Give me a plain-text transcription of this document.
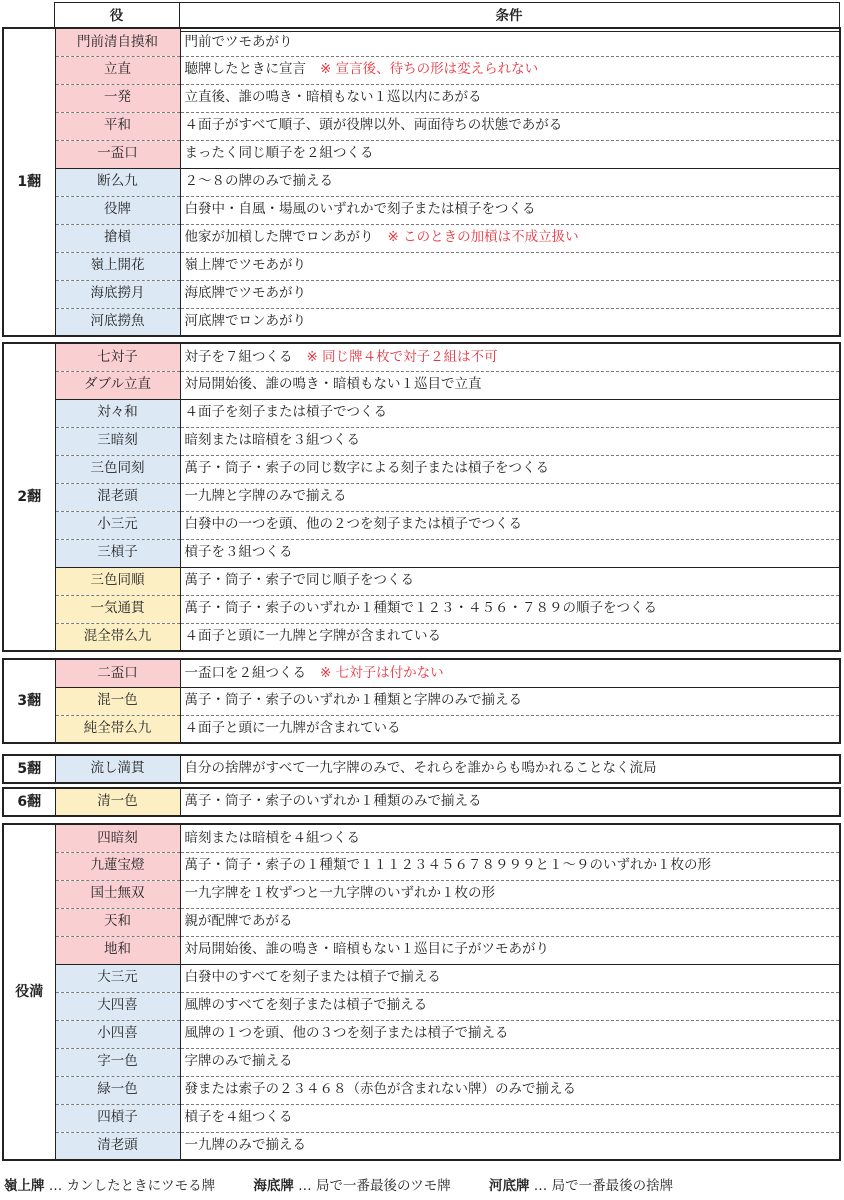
	役	条件
1翻	門前清自摸和	門前でツモあがり
	立直	聴牌したときに宣言 ※ 宣言後、待ちの形は変えられない
	一発	立直後、誰の鳴き・暗槓もない１巡以内にあがる
	平和	４面子がすべて順子、頭が役牌以外、両面待ちの状態であがる
	一盃口	まったく同じ順子を２組つくる
	断么九	２～８の牌のみで揃える
	役牌	白發中・自風・場風のいずれかで刻子または槓子をつくる
	搶槓	他家が加槓した牌でロンあがり ※ このときの加槓は不成立扱い
	嶺上開花	嶺上牌でツモあがり
	海底撈月	海底牌でツモあがり
	河底撈魚	河底牌でロンあがり
2翻	七対子	対子を７組つくる ※ 同じ牌４枚で対子２組は不可
	ダブル立直	対局開始後、誰の鳴き・暗槓もない１巡目で立直
	対々和	４面子を刻子または槓子でつくる
	三暗刻	暗刻または暗槓を３組つくる
	三色同刻	萬子・筒子・索子の同じ数字による刻子または槓子をつくる
	混老頭	一九牌と字牌のみで揃える
	小三元	白發中の一つを頭、他の２つを刻子または槓子でつくる
	三槓子	槓子を３組つくる
	三色同順	萬子・筒子・索子で同じ順子をつくる
	一気通貫	萬子・筒子・索子のいずれか１種類で１２３・４５６・７８９の順子をつくる
	混全帯么九	４面子と頭に一九牌と字牌が含まれている
3翻	二盃口	一盃口を２組つくる ※ 七対子は付かない
	混一色	萬子・筒子・索子のいずれか１種類と字牌のみで揃える
	純全帯么九	４面子と頭に一九牌が含まれている
5翻	流し満貫	自分の捨牌がすべて一九字牌のみで、それらを誰からも鳴かれることなく流局
6翻	清一色	萬子・筒子・索子のいずれか１種類のみで揃える
役満	四暗刻	暗刻または暗槓を４組つくる
	九蓮宝燈	萬子・筒子・索子の１種類で１１１２３４５６７８９９９と１～９のいずれか１枚の形
	国士無双	一九字牌を１枚ずつと一九字牌のいずれか１枚の形
	天和	親が配牌であがる
	地和	対局開始後、誰の鳴き・暗槓もない１巡目に子がツモあがり
	大三元	白發中のすべてを刻子または槓子で揃える
	大四喜	風牌のすべてを刻子または槓子で揃える
	小四喜	風牌の１つを頭、他の３つを刻子または槓子で揃える
	字一色	字牌のみで揃える
	緑一色	發または索子の２３４６８（赤色が含まれない牌）のみで揃える
	四槓子	槓子を４組つくる
	清老頭	一九牌のみで揃える
嶺上牌 … カンしたときにツモる牌	海底牌 … 局で一番最後のツモ牌	河底牌 … 局で一番最後の捨牌
